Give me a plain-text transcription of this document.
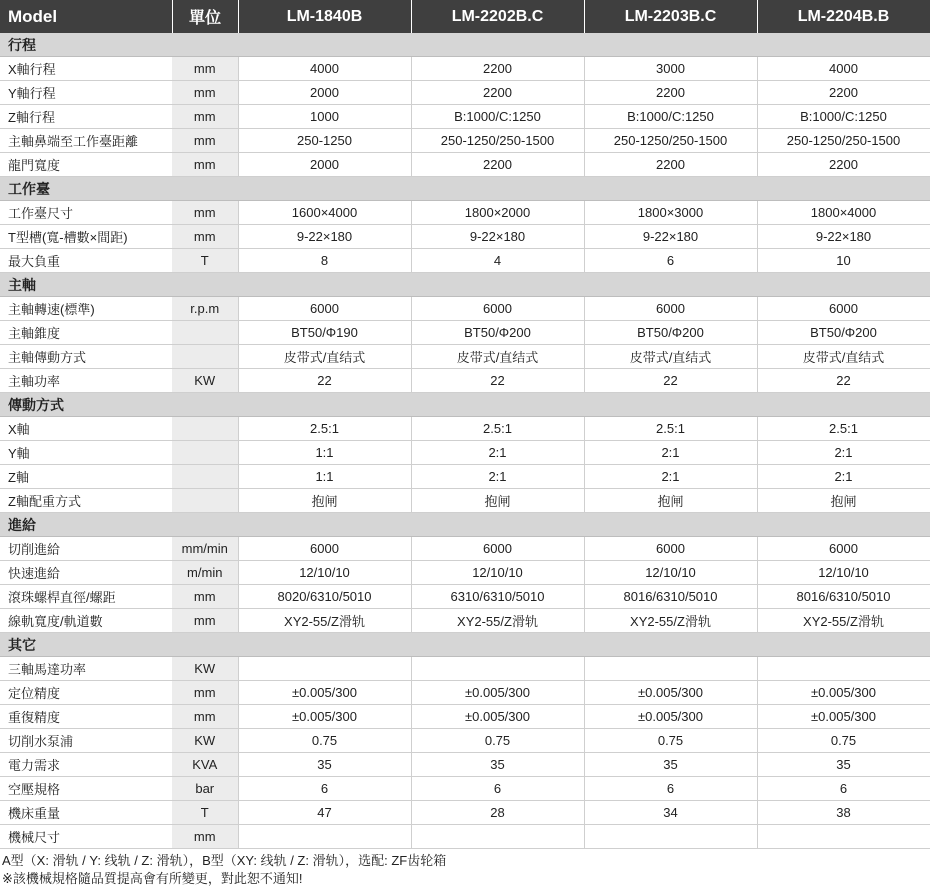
Model	單位	LM-1840B	LM-2202B.C	LM-2203B.C	LM-2204B.B
行程					
X軸行程	mm	4000	2200	3000	4000
Y軸行程	mm	2000	2200	2200	2200
Z軸行程	mm	1000	B:1000/C:1250	B:1000/C:1250	B:1000/C:1250
主軸鼻端至工作臺距離	mm	250-1250	250-1250/250-1500	250-1250/250-1500	250-1250/250-1500
龍門寬度	mm	2000	2200	2200	2200
工作臺					
工作臺尺寸	mm	1600×4000	1800×2000	1800×3000	1800×4000
T型槽(寬-槽數×間距)	mm	9-22×180	9-22×180	9-22×180	9-22×180
最大負重	T	8	4	6	10
主軸					
主軸轉速(標準)	r.p.m	6000	6000	6000	6000
主軸錐度		BT50/Φ190	BT50/Φ200	BT50/Φ200	BT50/Φ200
主軸傳動方式		皮带式/直结式	皮带式/直结式	皮带式/直结式	皮带式/直结式
主軸功率	KW	22	22	22	22
傳動方式					
X軸		2.5:1	2.5:1	2.5:1	2.5:1
Y軸		1:1	2:1	2:1	2:1
Z軸		1:1	2:1	2:1	2:1
Z軸配重方式		抱闸	抱闸	抱闸	抱闸
進給					
切削進給	mm/min	6000	6000	6000	6000
快速進給	m/min	12/10/10	12/10/10	12/10/10	12/10/10
滾珠螺桿直徑/螺距	mm	8020/6310/5010	6310/6310/5010	8016/6310/5010	8016/6310/5010
線軌寬度/軌道數	mm	XY2-55/Z滑轨	XY2-55/Z滑轨	XY2-55/Z滑轨	XY2-55/Z滑轨
其它					
三軸馬達功率	KW				
定位精度	mm	±0.005/300	±0.005/300	±0.005/300	±0.005/300
重復精度	mm	±0.005/300	±0.005/300	±0.005/300	±0.005/300
切削水泵浦	KW	0.75	0.75	0.75	0.75
電力需求	KVA	35	35	35	35
空壓規格	bar	6	6	6	6
機床重量	T	47	28	34	38
機械尺寸	mm				
A型（X: 滑轨 / Y: 线轨 / Z: 滑轨），B型（XY: 线轨 / Z: 滑轨），选配: ZF齿轮箱
※該機械規格隨品質提高會有所變更，對此恕不通知!
